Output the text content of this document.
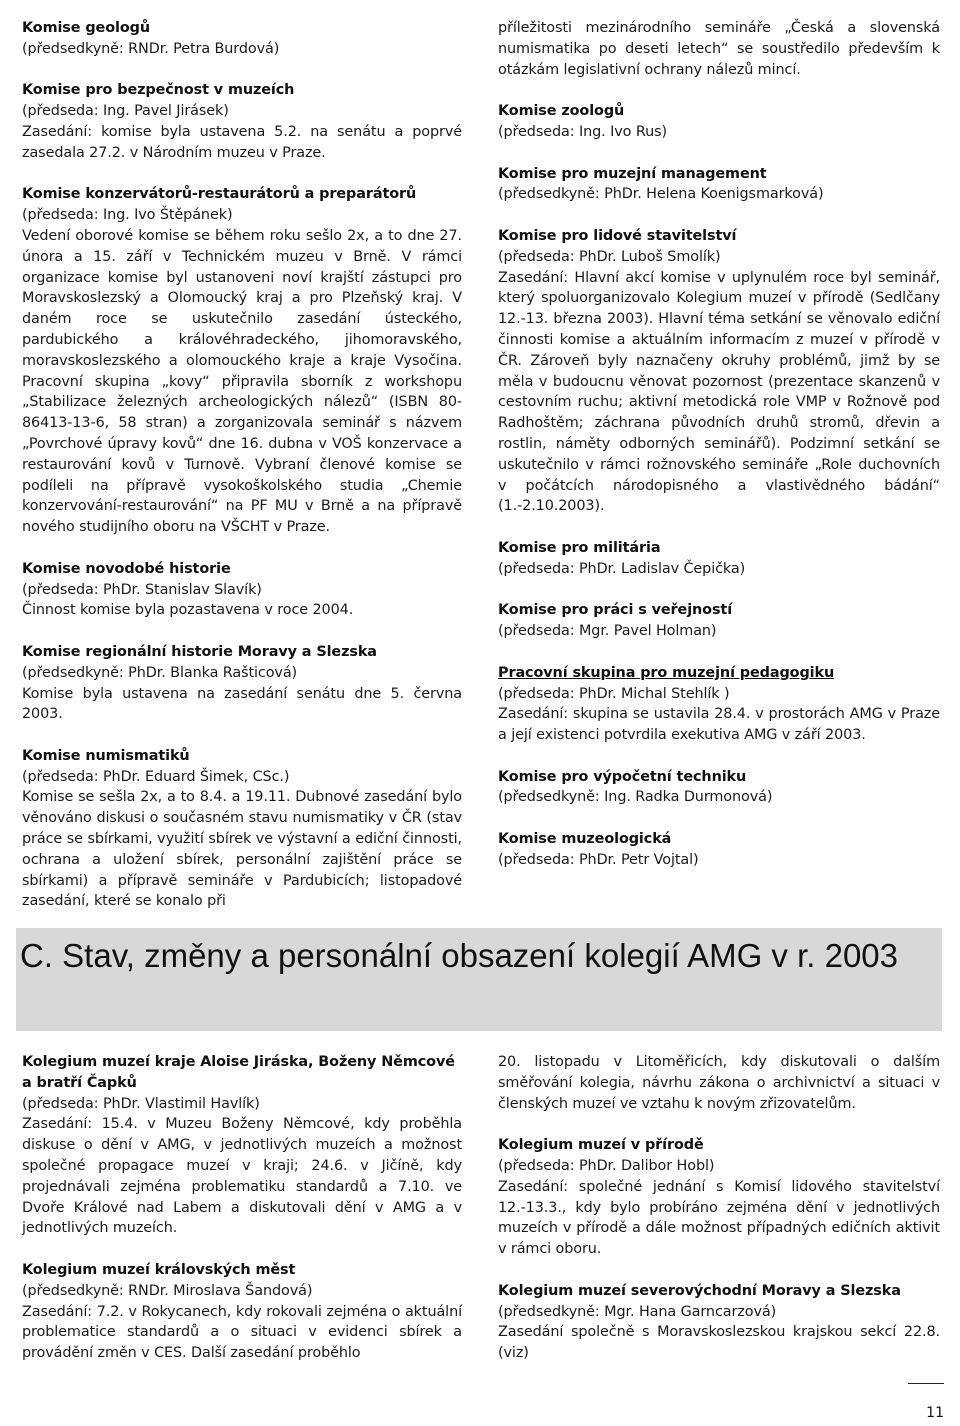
Komise geologů
(předsedkyně: RNDr. Petra Burdová)
Komise pro bezpečnost v muzeích
(předseda: Ing. Pavel Jirásek)

Zasedání: komise byla ustavena 5.2. na senátu a poprvé zasedala 27.2. v Národním muzeu v Praze.

Komise konzervátorů-restaurátorů a preparátorů
(předseda: Ing. Ivo Štěpánek)

Vedení oborové komise se během roku sešlo 2x, a to dne 27. února a 15. září v Technickém muzeu v Brně. V rámci organizace komise byl ustanoveni noví krajští zástupci pro Moravskoslezský a Olomoucký kraj a pro Plzeňský kraj. V daném roce se uskutečnilo zasedání ústeckého, pardubického a královéhradeckého, jihomoravského, moravskoslezského a olomouckého kraje a kraje Vysočina. Pracovní skupina „kovy“ připravila sborník z workshopu „Stabilizace železných archeologických nálezů“ (ISBN 80-86413-13-6, 58 stran) a zorganizovala seminář s názvem „Povrchové úpravy kovů“ dne 16. dubna v VOŠ konzervace a restaurování kovů v Turnově. Vybraní členové komise se podíleli na přípravě vysokoškolského studia „Chemie konzervování-restaurování“ na PF MU v Brně a na přípravě nového studijního oboru na VŠCHT v Praze.

Komise novodobé historie
(předseda: PhDr. Stanislav Slavík)

Činnost komise byla pozastavena v roce 2004.

Komise regionální historie Moravy a Slezska
(předsedkyně: PhDr. Blanka Rašticová)

Komise byla ustavena na zasedání senátu dne 5. června 2003.

Komise numismatiků
(předseda: PhDr. Eduard Šimek, CSc.)

Komise se sešla 2x, a to 8.4. a 19.11. Dubnové zasedání bylo věnováno diskusi o současném stavu numismatiky v ČR (stav práce se sbírkami, využití sbírek ve výstavní a ediční činnosti, ochrana a uložení sbírek, personální zajištění práce se sbírkami) a přípravě semináře v Pardubicích; listopadové zasedání, které se konalo při

příležitosti mezinárodního semináře „Česká a slovenská numismatika po deseti letech“ se soustředilo především k otázkám legislativní ochrany nálezů mincí.

Komise zoologů
(předseda: Ing. Ivo Rus)
Komise pro muzejní management
(předsedkyně: PhDr. Helena Koenigsmarková)
Komise pro lidové stavitelství
(předseda: PhDr. Luboš Smolík)

Zasedání: Hlavní akcí komise v uplynulém roce byl seminář, který spoluorganizovalo Kolegium muzeí v přírodě (Sedlčany 12.-13. března 2003). Hlavní téma setkání se věnovalo ediční činnosti komise a aktuálním informacím z muzeí v přírodě v ČR. Zároveň byly naznačeny okruhy problémů, jimž by se měla v budoucnu věnovat pozornost (prezentace skanzenů v cestovním ruchu; aktivní metodická role VMP v Rožnově pod Radhoštěm; záchrana původních druhů stromů, dřevin a rostlin, náměty odborných seminářů). Podzimní setkání se uskutečnilo v rámci rožnovského semináře „Role duchovních v počátcích národopisného a vlastivědného bádání“ (1.-2.10.2003).

Komise pro militária
(předseda: PhDr. Ladislav Čepička)
Komise pro práci s veřejností
(předseda: Mgr. Pavel Holman)
Pracovní skupina pro muzejní pedagogiku
(předseda: PhDr. Michal Stehlík )

Zasedání: skupina se ustavila 28.4. v prostorách AMG v Praze a její existenci potvrdila exekutiva AMG v září 2003.

Komise pro výpočetní techniku
(předsedkyně: Ing. Radka Durmonová)
Komise muzeologická
(předseda: PhDr. Petr Vojtal)
C. Stav, změny a personální obsazení kolegií AMG v r. 2003
Kolegium muzeí kraje Aloise Jiráska, Boženy Němcové a bratří Čapků
(předseda: PhDr. Vlastimil Havlík)

Zasedání: 15.4. v Muzeu Boženy Němcové, kdy proběhla diskuse o dění v AMG, v jednotlivých muzeích a možnost společné propagace muzeí v kraji; 24.6. v Jičíně, kdy projednávali zejména problematiku standardů a 7.10. ve Dvoře Králové nad Labem a diskutovali dění v AMG a v jednotlivých muzeích.

Kolegium muzeí královských měst
(předsedkyně: RNDr. Miroslava Šandová)

Zasedání: 7.2. v Rokycanech, kdy rokovali zejména o aktuální problematice standardů a o situaci v evidenci sbírek a provádění změn v CES. Další zasedání proběhlo

20. listopadu v Litoměřicích, kdy diskutovali o dalším směřování kolegia, návrhu zákona o archivnictví a situaci v členských muzeí ve vztahu k novým zřizovatelům.

Kolegium muzeí v přírodě
(předseda: PhDr. Dalibor Hobl)

Zasedání: společné jednání s Komisí lidového stavitelství 12.-13.3., kdy bylo probíráno zejména dění v jednotlivých muzeích v přírodě a dále možnost případných edičních aktivit v rámci oboru.

Kolegium muzeí severovýchodní Moravy a Slezska
(předsedkyně: Mgr. Hana Garncarzová)

Zasedání společně s Moravskoslezskou krajskou sekcí 22.8. (viz)

11
